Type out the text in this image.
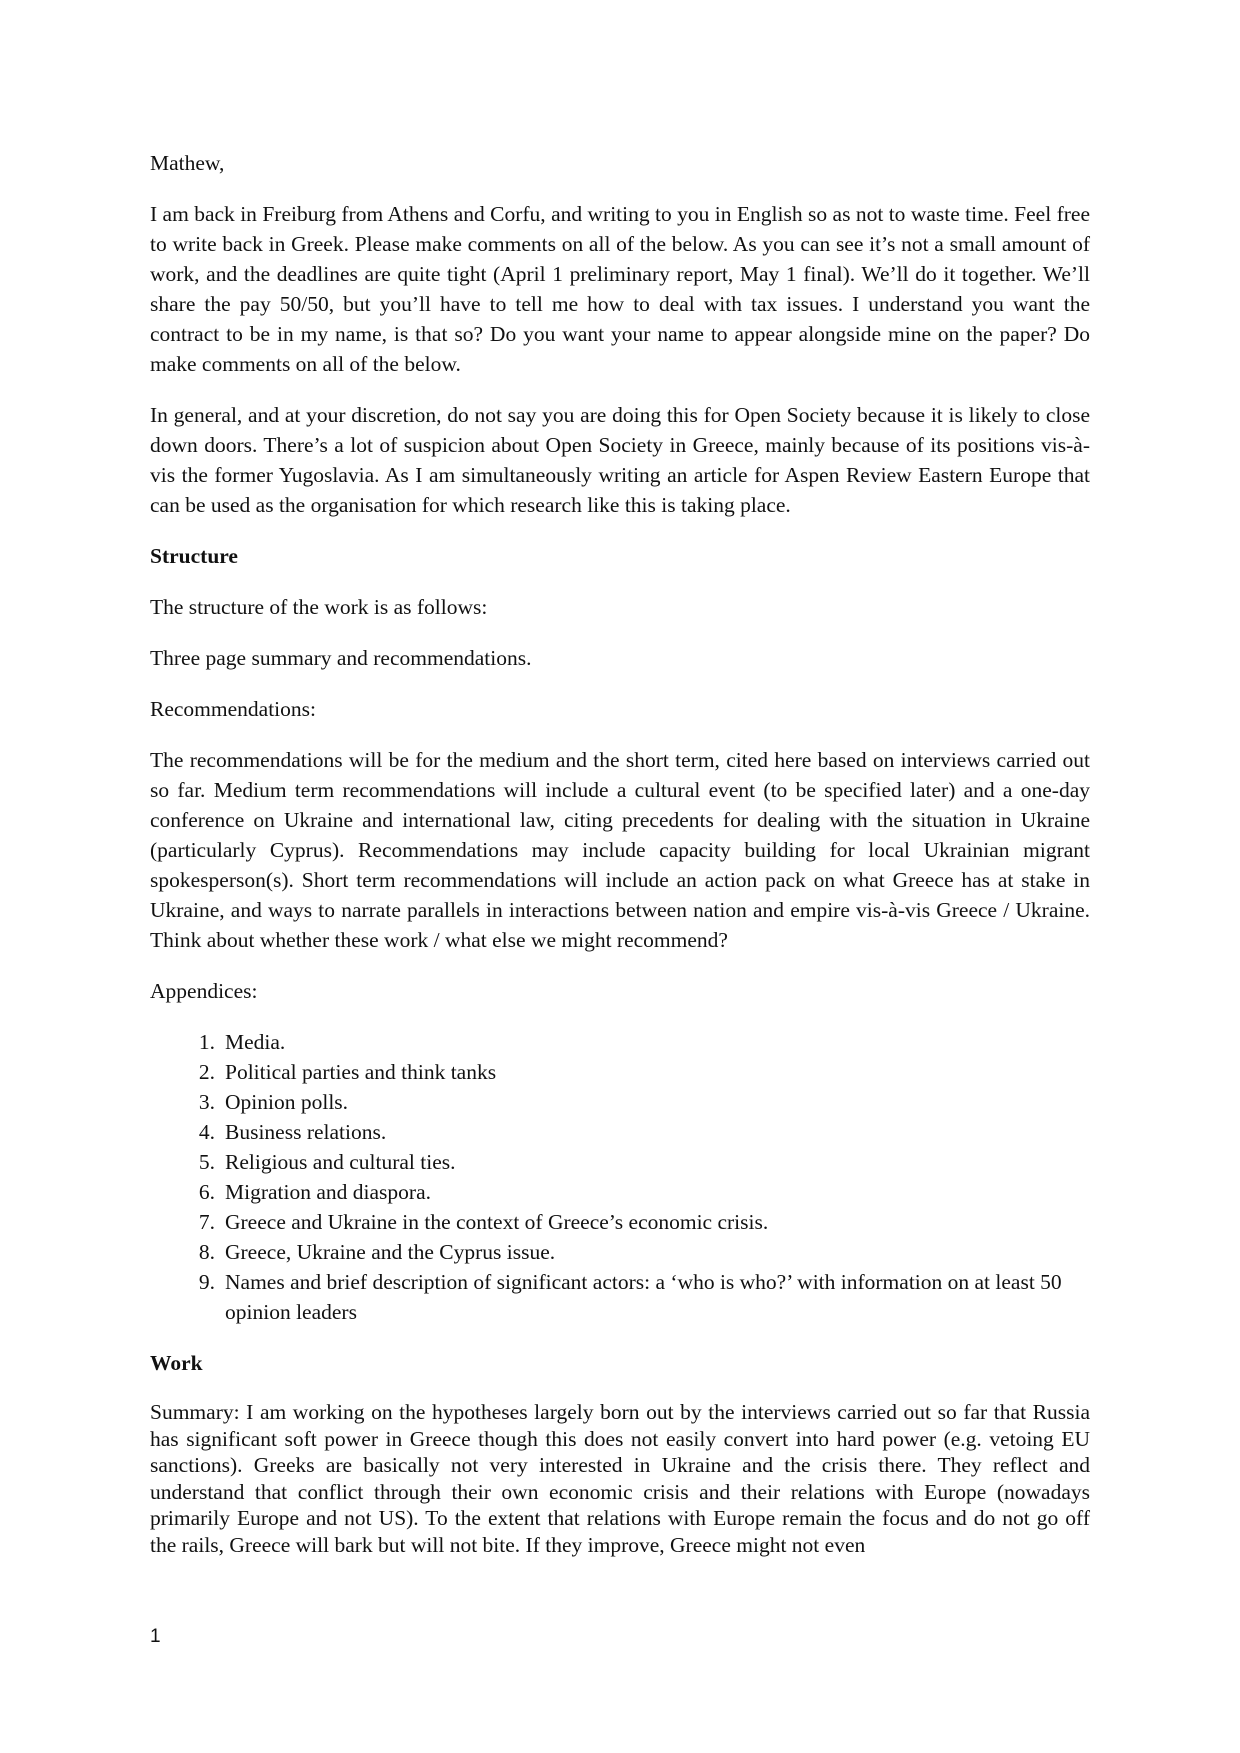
Mathew,

I am back in Freiburg from Athens and Corfu, and writing to you in English so as not to waste time. Feel free to write back in Greek. Please make comments on all of the below. As you can see it’s not a small amount of work, and the deadlines are quite tight (April 1 preliminary report, May 1 final). We’ll do it together. We’ll share the pay 50/50, but you’ll have to tell me how to deal with tax issues. I understand you want the contract to be in my name, is that so? Do you want your name to appear alongside mine on the paper? Do make comments on all of the below.

In general, and at your discretion, do not say you are doing this for Open Society because it is likely to close down doors. There’s a lot of suspicion about Open Society in Greece, mainly because of its positions vis-à-vis the former Yugoslavia. As I am simultaneously writing an article for Aspen Review Eastern Europe that can be used as the organisation for which research like this is taking place.

Structure

The structure of the work is as follows:

Three page summary and recommendations.

Recommendations:

The recommendations will be for the medium and the short term, cited here based on interviews carried out so far. Medium term recommendations will include a cultural event (to be specified later) and a one-day conference on Ukraine and international law, citing precedents for dealing with the situation in Ukraine (particularly Cyprus). Recommendations may include capacity building for local Ukrainian migrant spokesperson(s). Short term recommendations will include an action pack on what Greece has at stake in Ukraine, and ways to narrate parallels in interactions between nation and empire vis-à-vis Greece / Ukraine. Think about whether these work / what else we might recommend?

Appendices:

1. Media.
2. Political parties and think tanks
3. Opinion polls.
4. Business relations.
5. Religious and cultural ties.
6. Migration and diaspora.
7. Greece and Ukraine in the context of Greece’s economic crisis.
8. Greece, Ukraine and the Cyprus issue.
9. Names and brief description of significant actors: a ‘who is who?’ with information on at least 50 opinion leaders
Work

Summary: I am working on the hypotheses largely born out by the interviews carried out so far that Russia has significant soft power in Greece though this does not easily convert into hard power (e.g. vetoing EU sanctions). Greeks are basically not very interested in Ukraine and the crisis there. They reflect and understand that conflict through their own economic crisis and their relations with Europe (nowadays primarily Europe and not US). To the extent that relations with Europe remain the focus and do not go off the rails, Greece will bark but will not bite. If they improve, Greece might not even

1
